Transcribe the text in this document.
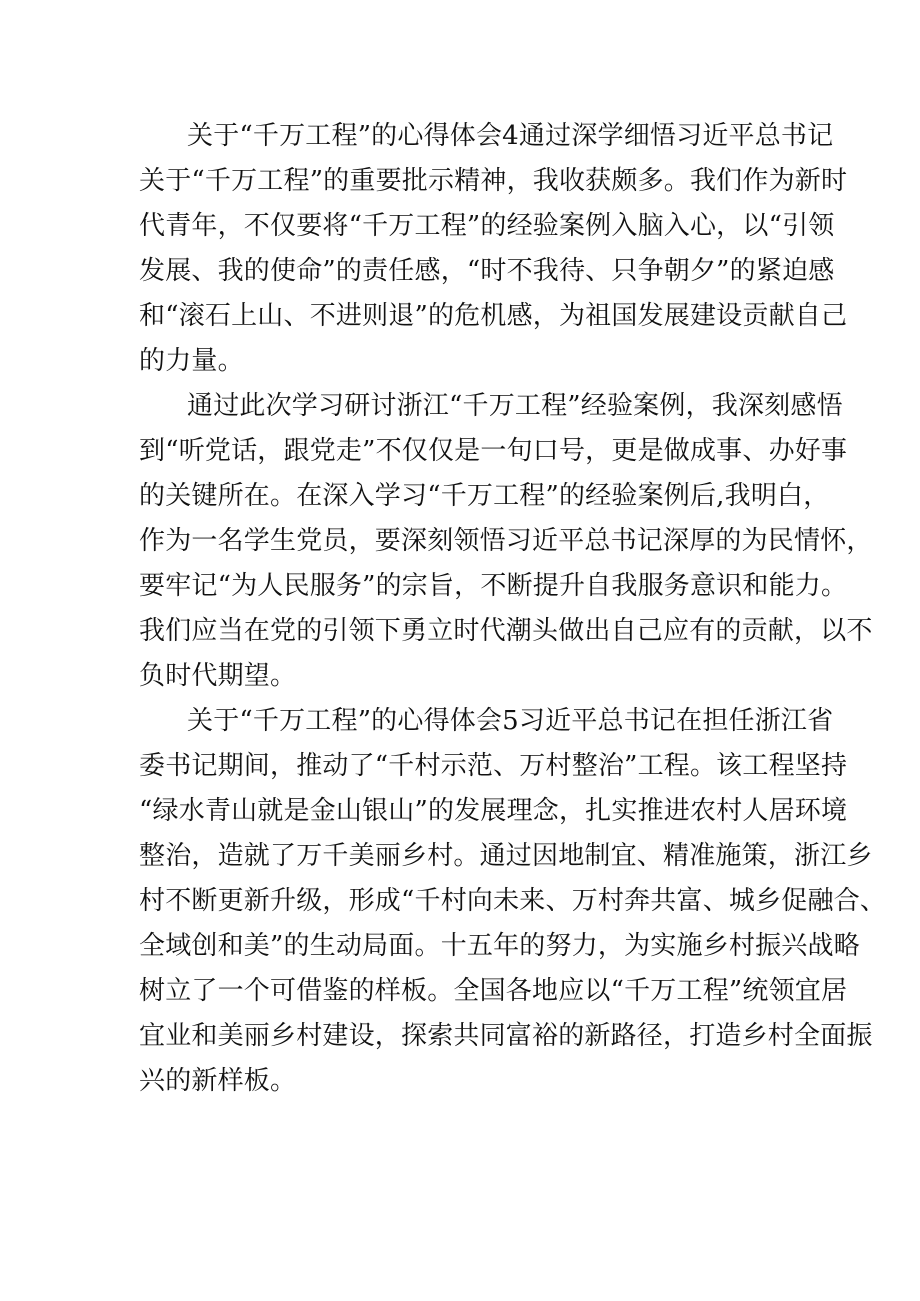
关于“千万工程”的心得体会4通过深学细悟习近平总书记
关于“千万工程”的重要批示精神，我收获颇多。我们作为新时
代青年，不仅要将“千万工程”的经验案例入脑入心，以“引领
发展、我的使命”的责任感，“时不我待、只争朝夕”的紧迫感
和“滚石上山、不进则退”的危机感，为祖国发展建设贡献自己
的力量。
通过此次学习研讨浙江“千万工程”经验案例，我深刻感悟
到“听党话，跟党走”不仅仅是一句口号，更是做成事、办好事
的关键所在。在深入学习“千万工程”的经验案例后,我明白，
作为一名学生党员，要深刻领悟习近平总书记深厚的为民情怀，
要牢记“为人民服务”的宗旨，不断提升自我服务意识和能力。
我们应当在党的引领下勇立时代潮头做出自己应有的贡献，以不
负时代期望。
关于“千万工程”的心得体会5习近平总书记在担任浙江省
委书记期间，推动了“千村示范、万村整治”工程。该工程坚持
“绿水青山就是金山银山”的发展理念，扎实推进农村人居环境
整治，造就了万千美丽乡村。通过因地制宜、精准施策，浙江乡
村不断更新升级，形成“千村向未来、万村奔共富、城乡促融合、
全域创和美”的生动局面。十五年的努力，为实施乡村振兴战略
树立了一个可借鉴的样板。全国各地应以“千万工程”统领宜居
宜业和美丽乡村建设，探索共同富裕的新路径，打造乡村全面振
兴的新样板。
